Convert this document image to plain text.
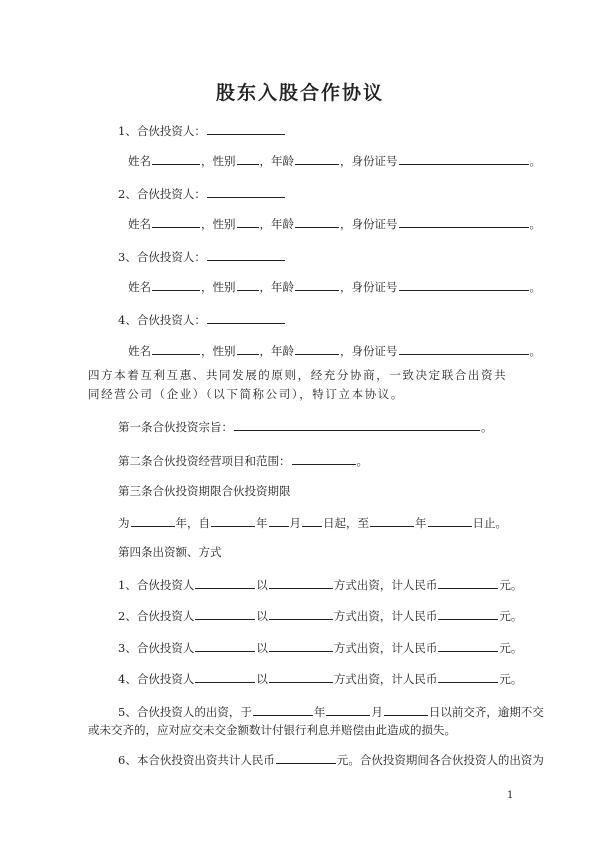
股东入股合作协议
1、合伙投资人：
姓名	，性别 ，年龄	，身份证号	。
2、合伙投资人：
姓名	，性别 ，年龄	，身份证号	。
3、合伙投资人：
姓名	，性别 ，年龄	，身份证号	。
4、合伙投资人：
姓名	，性别 ，年龄	，身份证号	。
四方本着互利互惠、共同发展的原则，经充分协商，一致决定联合出资共同经营公司（企业）（以下简称公司），特订立本协议。
第一条合伙投资宗旨：	。
第二条合伙投资经营项目和范围：	。
第三条合伙投资期限合伙投资期限
为	年，自	年 月 日起，至	年	日止。
第四条出资额、方式
1、合伙投资人	以	方式出资，计人民币	元。
2、合伙投资人	以	方式出资，计人民币	元。
3、合伙投资人	以	方式出资，计人民币	元。
4、合伙投资人	以	方式出资，计人民币	元。
5、合伙投资人的出资，于	年	月	日以前交齐，逾期不交
或未交齐的，应对应交未交金额数计付银行利息并赔偿由此造成的损失。
6、本合伙投资出资共计人民币	元。合伙投资期间各合伙投资人的出资为
1
